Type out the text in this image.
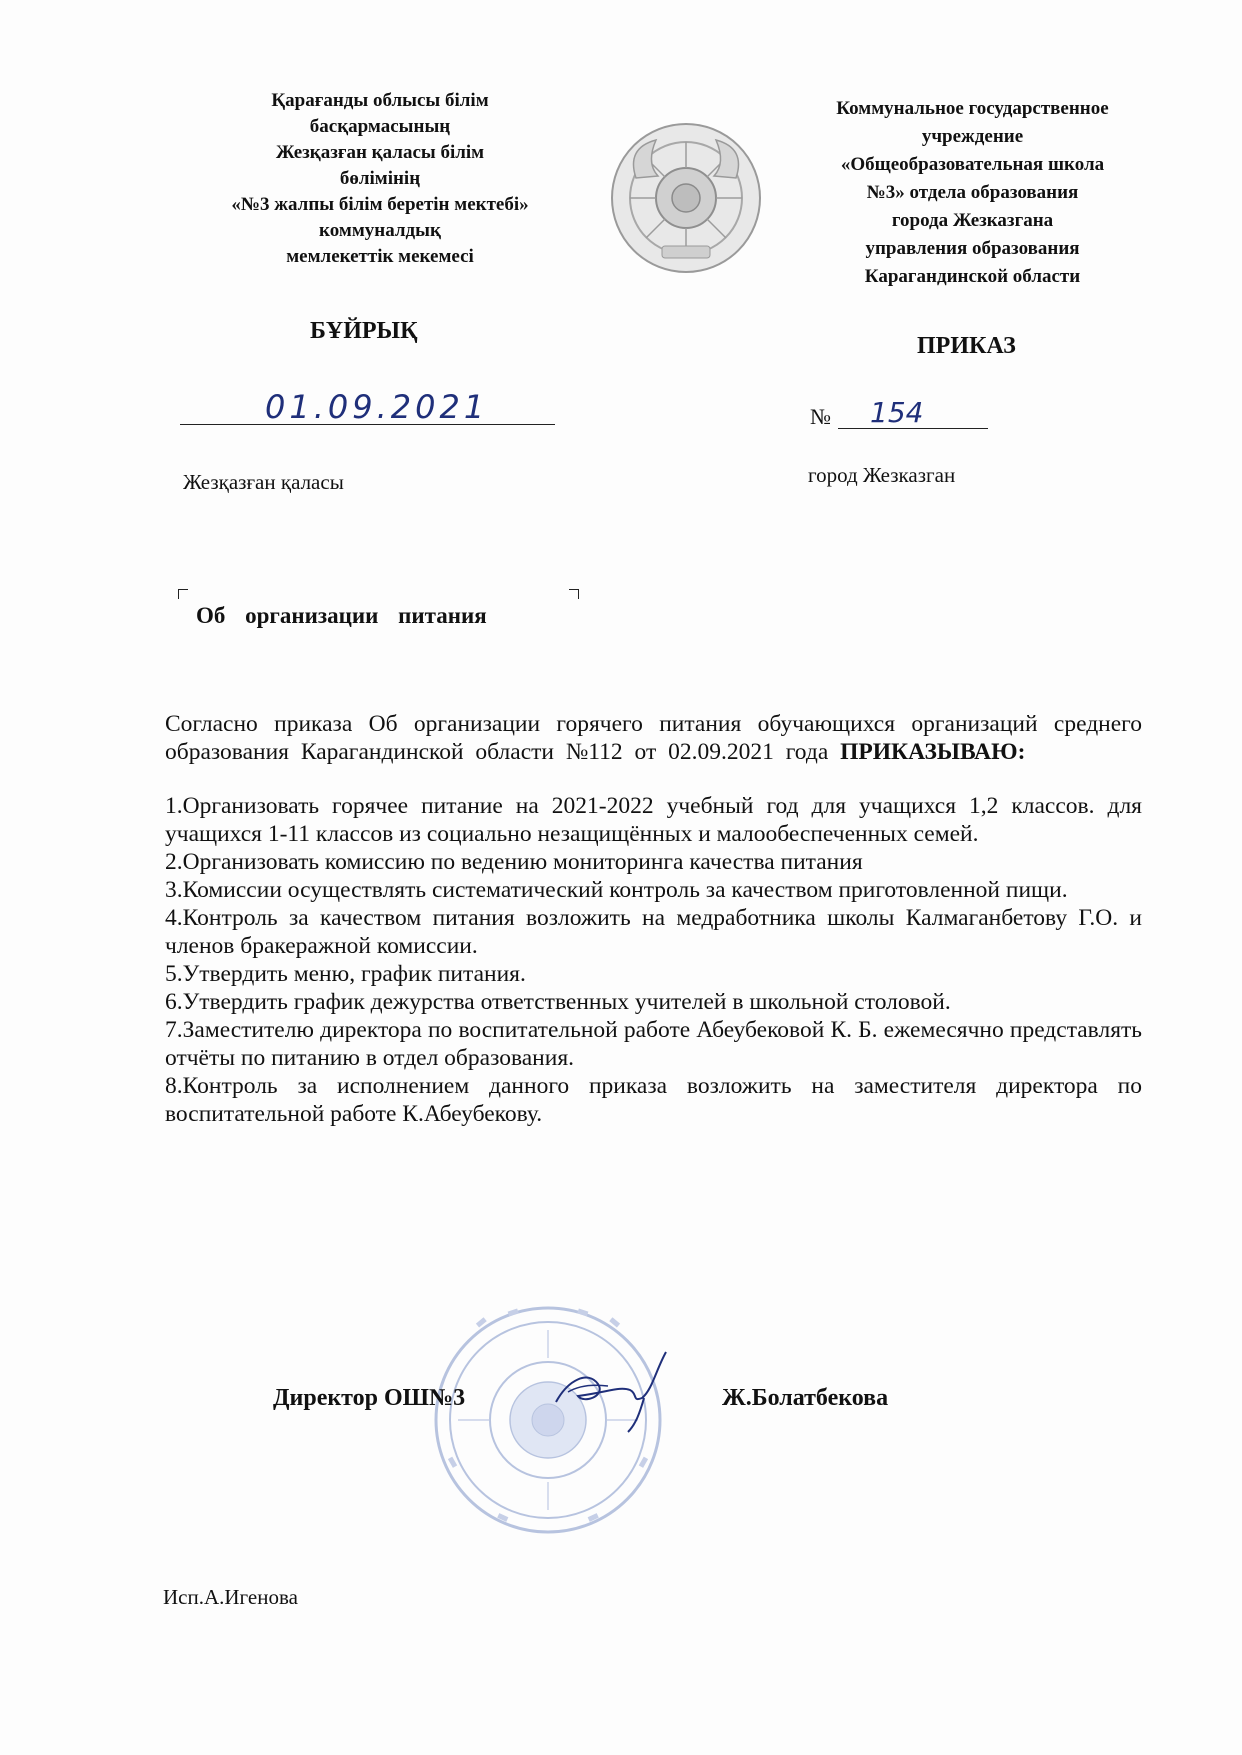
Қарағанды облысы білім
басқармасының
Жезқазған қаласы білім
бөлімінің
«№3 жалпы білім беретін мектебі»
коммуналдық
мемлекеттік мекемесі
Коммунальное государственное
учреждение
«Общеобразовательная школа
№3» отдела образования
города Жезказгана
управления образования
Карагандинской области
БҰЙРЫҚ
ПРИКАЗ
01.09.2021	№ 154
Жезқазған қаласы	город Жезказган
Об организации питания

Согласно приказа Об организации горячего питания обучающихся организаций среднего образования Карагандинской области №112 от 02.09.2021 года ПРИКАЗЫВАЮ:

1.Организовать горячее питание на 2021-2022 учебный год для учащихся 1,2 классов. для учащихся 1-11 классов из социально незащищённых и малообеспеченных семей.

2.Организовать комиссию по ведению мониторинга качества питания

3.Комиссии осуществлять систематический контроль за качеством приготовленной пищи.

4.Контроль за качеством питания возложить на медработника школы Калмаганбетову Г.О. и членов бракеражной комиссии.

5.Утвердить меню, график питания.

6.Утвердить график дежурства ответственных учителей в школьной столовой.

7.Заместителю директора по воспитательной работе Абеубековой К. Б. ежемесячно представлять отчёты по питанию в отдел образования.

8.Контроль за исполнением данного приказа возложить на заместителя директора по воспитательной работе К.Абеубекову.

Директор ОШ№3	Ж.Болатбекова
Исп.А.Игенова
